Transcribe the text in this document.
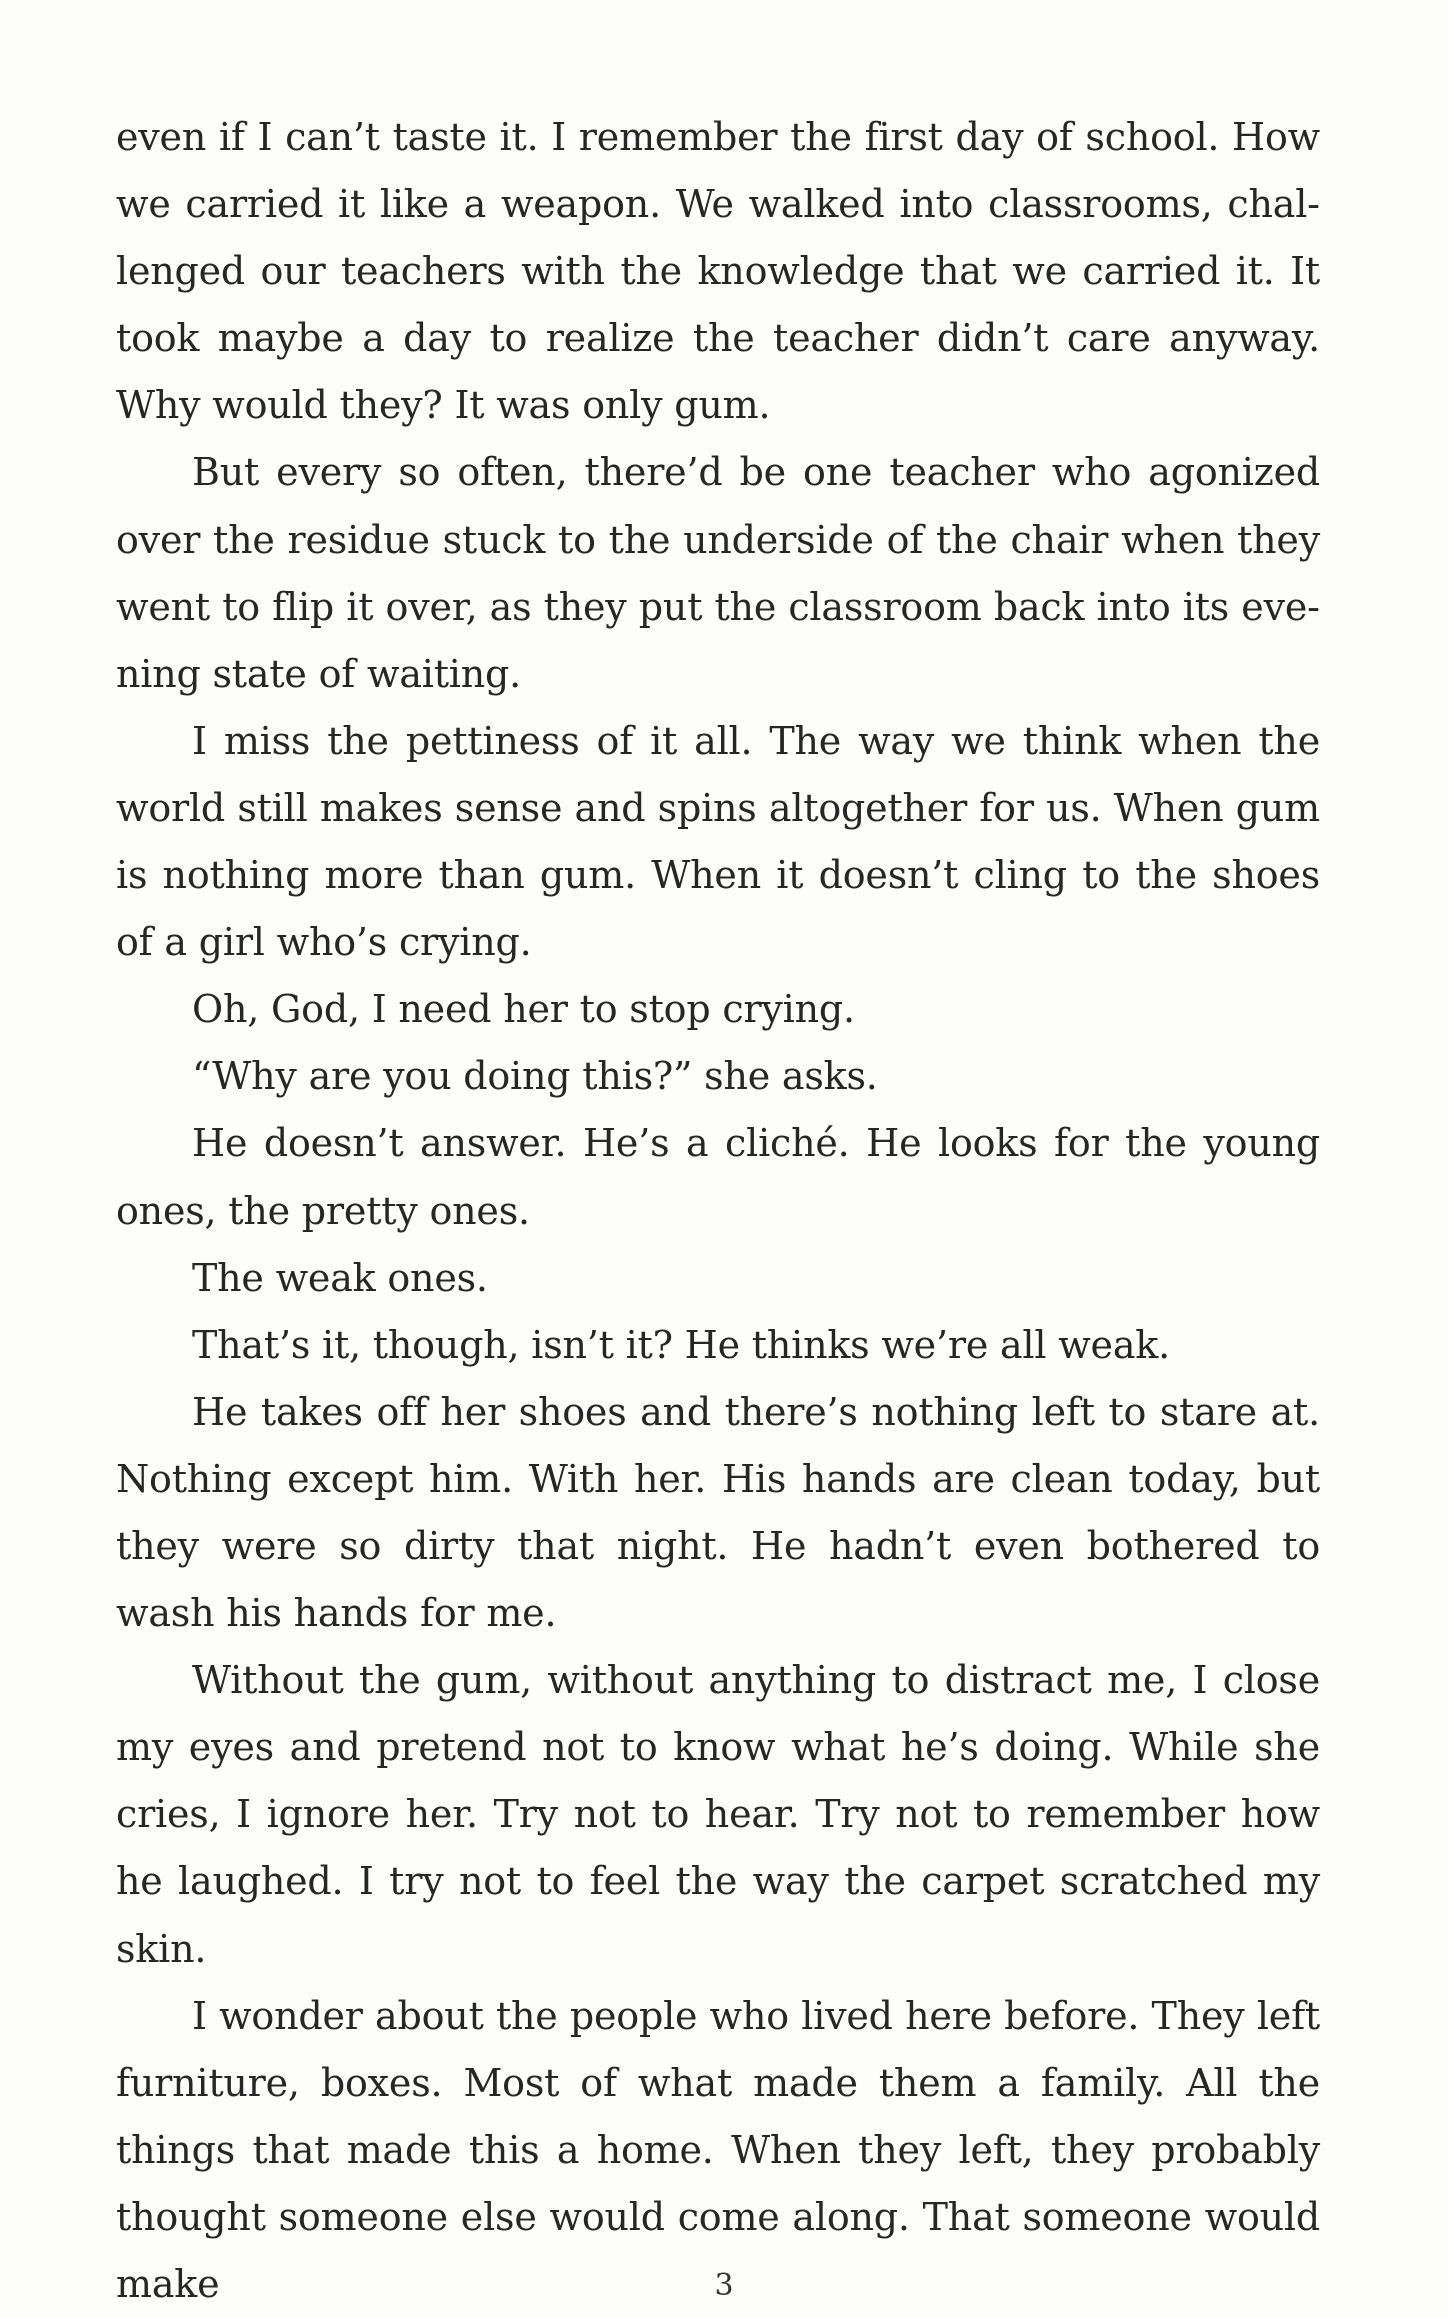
even if I can’t taste it. I remember the first day of school. How we carried it like a weapon. We walked into classrooms, challenged our teachers with the knowledge that we carried it. It took maybe a day to realize the teacher didn’t care anyway. Why would they? It was only gum.

But every so often, there’d be one teacher who agonized over the residue stuck to the underside of the chair when they went to flip it over, as they put the classroom back into its evening state of waiting.

I miss the pettiness of it all. The way we think when the world still makes sense and spins altogether for us. When gum is nothing more than gum. When it doesn’t cling to the shoes of a girl who’s crying.

Oh, God, I need her to stop crying.

“Why are you doing this?” she asks.

He doesn’t answer. He’s a cliché. He looks for the young ones, the pretty ones.

The weak ones.

That’s it, though, isn’t it? He thinks we’re all weak.

He takes off her shoes and there’s nothing left to stare at. Nothing except him. With her. His hands are clean today, but they were so dirty that night. He hadn’t even bothered to wash his hands for me.

Without the gum, without anything to distract me, I close my eyes and pretend not to know what he’s doing. While she cries, I ignore her. Try not to hear. Try not to remember how he laughed. I try not to feel the way the carpet scratched my skin.

I wonder about the people who lived here before. They left furniture, boxes. Most of what made them a family. All the things that made this a home. When they left, they probably thought someone else would come along. That someone would make	3
